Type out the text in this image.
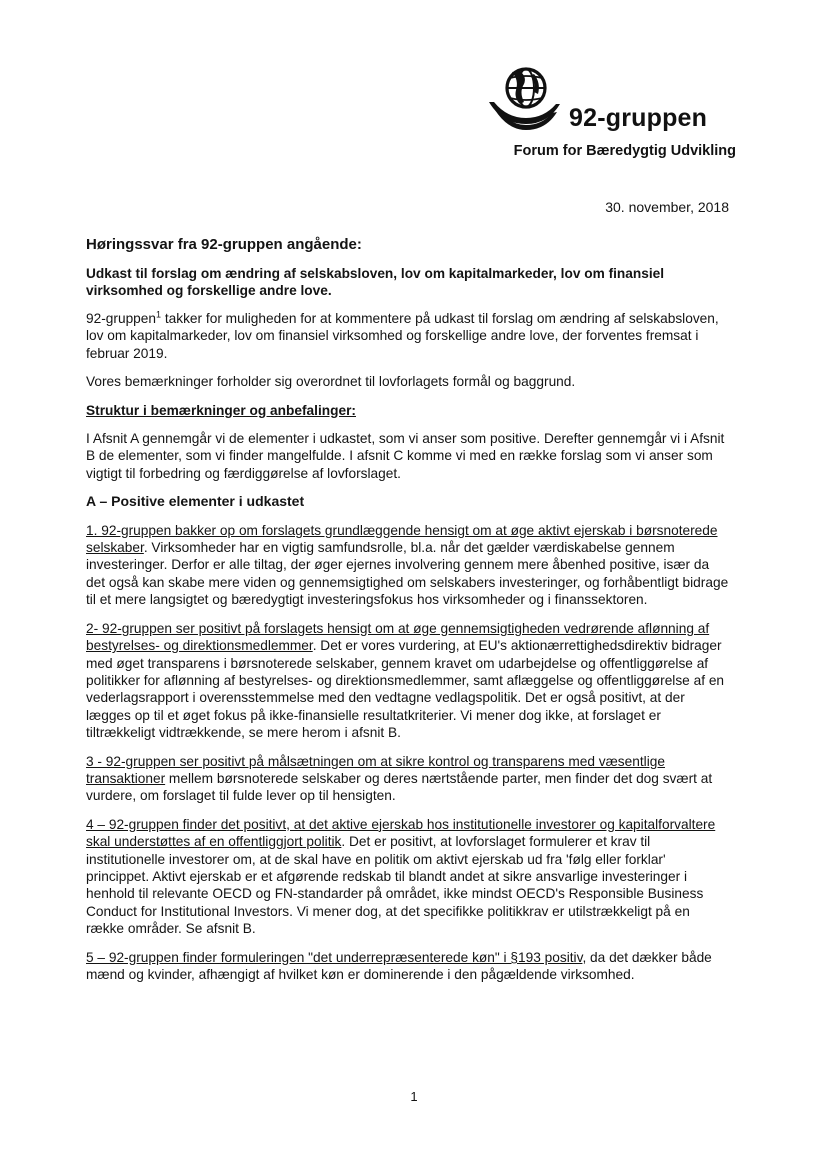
92-gruppen
Forum for Bæredygtig Udvikling
30. november, 2018

Høringssvar fra 92-gruppen angående:

Udkast til forslag om ændring af selskabsloven, lov om kapitalmarkeder, lov om finansiel virksomhed og forskellige andre love.

92-gruppen$^1$ takker for muligheden for at kommentere på udkast til forslag om ændring af selskabsloven, lov om kapitalmarkeder, lov om finansiel virksomhed og forskellige andre love, der forventes fremsat i februar 2019.

Vores bemærkninger forholder sig overordnet til lovforlagets formål og baggrund.

Struktur i bemærkninger og anbefalinger:

I Afsnit A gennemgår vi de elementer i udkastet, som vi anser som positive. Derefter gennemgår vi i Afsnit B de elementer, som vi finder mangelfulde. I afsnit C komme vi med en række forslag som vi anser som vigtigt til forbedring og færdiggørelse af lovforslaget.

A – Positive elementer i udkastet

1. 92-gruppen bakker op om forslagets grundlæggende hensigt om at øge aktivt ejerskab i børsnoterede selskaber. Virksomheder har en vigtig samfundsrolle, bl.a. når det gælder værdiskabelse gennem investeringer. Derfor er alle tiltag, der øger ejernes involvering gennem mere åbenhed positive, især da det også kan skabe mere viden og gennemsigtighed om selskabers investeringer, og forhåbentligt bidrage til et mere langsigtet og bæredygtigt investeringsfokus hos virksomheder og i finanssektoren.

2- 92-gruppen ser positivt på forslagets hensigt om at øge gennemsigtigheden vedrørende aflønning af bestyrelses- og direktionsmedlemmer. Det er vores vurdering, at EU's aktionærrettighedsdirektiv bidrager med øget transparens i børsnoterede selskaber, gennem kravet om udarbejdelse og offentliggørelse af politikker for aflønning af bestyrelses- og direktionsmedlemmer, samt aflæggelse og offentliggørelse af en vederlagsrapport i overensstemmelse med den vedtagne vedlagspolitik. Det er også positivt, at der lægges op til et øget fokus på ikke-finansielle resultatkriterier. Vi mener dog ikke, at forslaget er tiltrækkeligt vidtrækkende, se mere herom i afsnit B.

3 - 92-gruppen ser positivt på målsætningen om at sikre kontrol og transparens med væsentlige transaktioner mellem børsnoterede selskaber og deres nærtstående parter, men finder det dog svært at vurdere, om forslaget til fulde lever op til hensigten.

4 – 92-gruppen finder det positivt, at det aktive ejerskab hos institutionelle investorer og kapitalforvaltere skal understøttes af en offentliggjort politik. Det er positivt, at lovforslaget formulerer et krav til institutionelle investorer om, at de skal have en politik om aktivt ejerskab ud fra 'følg eller forklar' princippet. Aktivt ejerskab er et afgørende redskab til blandt andet at sikre ansvarlige investeringer i henhold til relevante OECD og FN-standarder på området, ikke mindst OECD's Responsible Business Conduct for Institutional Investors. Vi mener dog, at det specifikke politikkrav er utilstrækkeligt på en række områder. Se afsnit B.

5 – 92-gruppen finder formuleringen "det underrepræsenterede køn" i §193 positiv, da det dækker både mænd og kvinder, afhængigt af hvilket køn er dominerende i den pågældende virksomhed.

1
